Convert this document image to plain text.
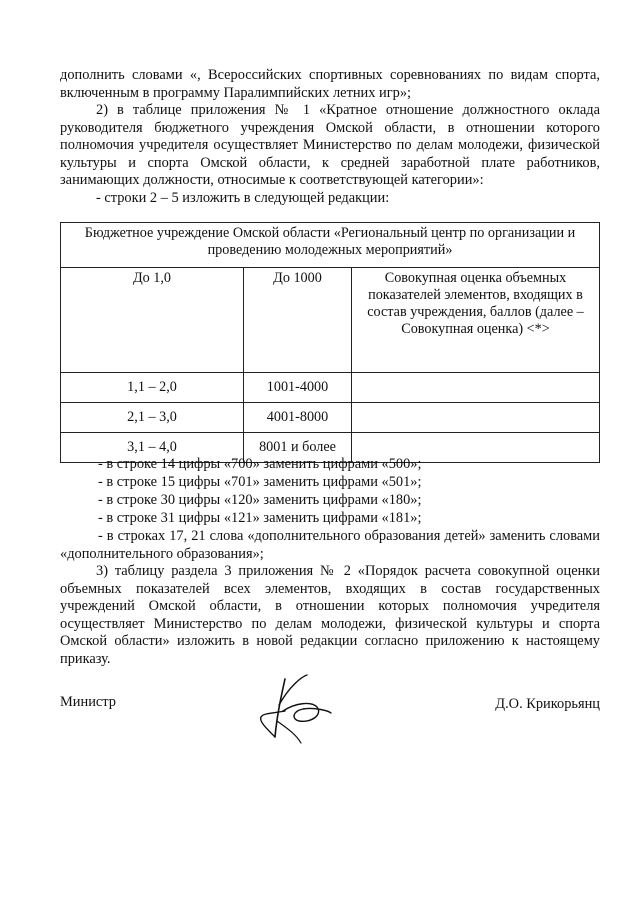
дополнить словами «, Всероссийских спортивных соревнованиях по видам спорта, включенным в программу Паралимпийских летних игр»;

2) в таблице приложения № 1 «Кратное отношение должностного оклада руководителя бюджетного учреждения Омской области, в отношении которого полномочия учредителя осуществляет Министерство по делам молодежи, физической культуры и спорта Омской области, к средней заработной плате работников, занимающих должности, относимые к соответствующей категории»:

- строки 2 – 5 изложить в следующей редакции:

Бюджетное учреждение Омской области «Региональный центр по организации и проведению молодежных мероприятий»		
До 1,0	До 1000	Совокупная оценка объемных показателей элементов, входящих в состав учреждения, баллов (далее – Совокупная оценка) <*>
1,1 – 2,0	1001-4000	
2,1 – 3,0	4001-8000	
3,1 – 4,0	8001 и более	

- в строке 14 цифры «700» заменить цифрами «500»;

- в строке 15 цифры «701» заменить цифрами «501»;

- в строке 30 цифры «120» заменить цифрами «180»;

- в строке 31 цифры «121» заменить цифрами «181»;

- в строках 17, 21 слова «дополнительного образования детей» заменить словами «дополнительного образования»;

3) таблицу раздела 3 приложения № 2 «Порядок расчета совокупной оценки объемных показателей всех элементов, входящих в состав государственных учреждений Омской области, в отношении которых полномочия учредителя осуществляет Министерство по делам молодежи, физической культуры и спорта Омской области» изложить в новой редакции согласно приложению к настоящему приказу.

Министр	Д.О. Крикорьянц
